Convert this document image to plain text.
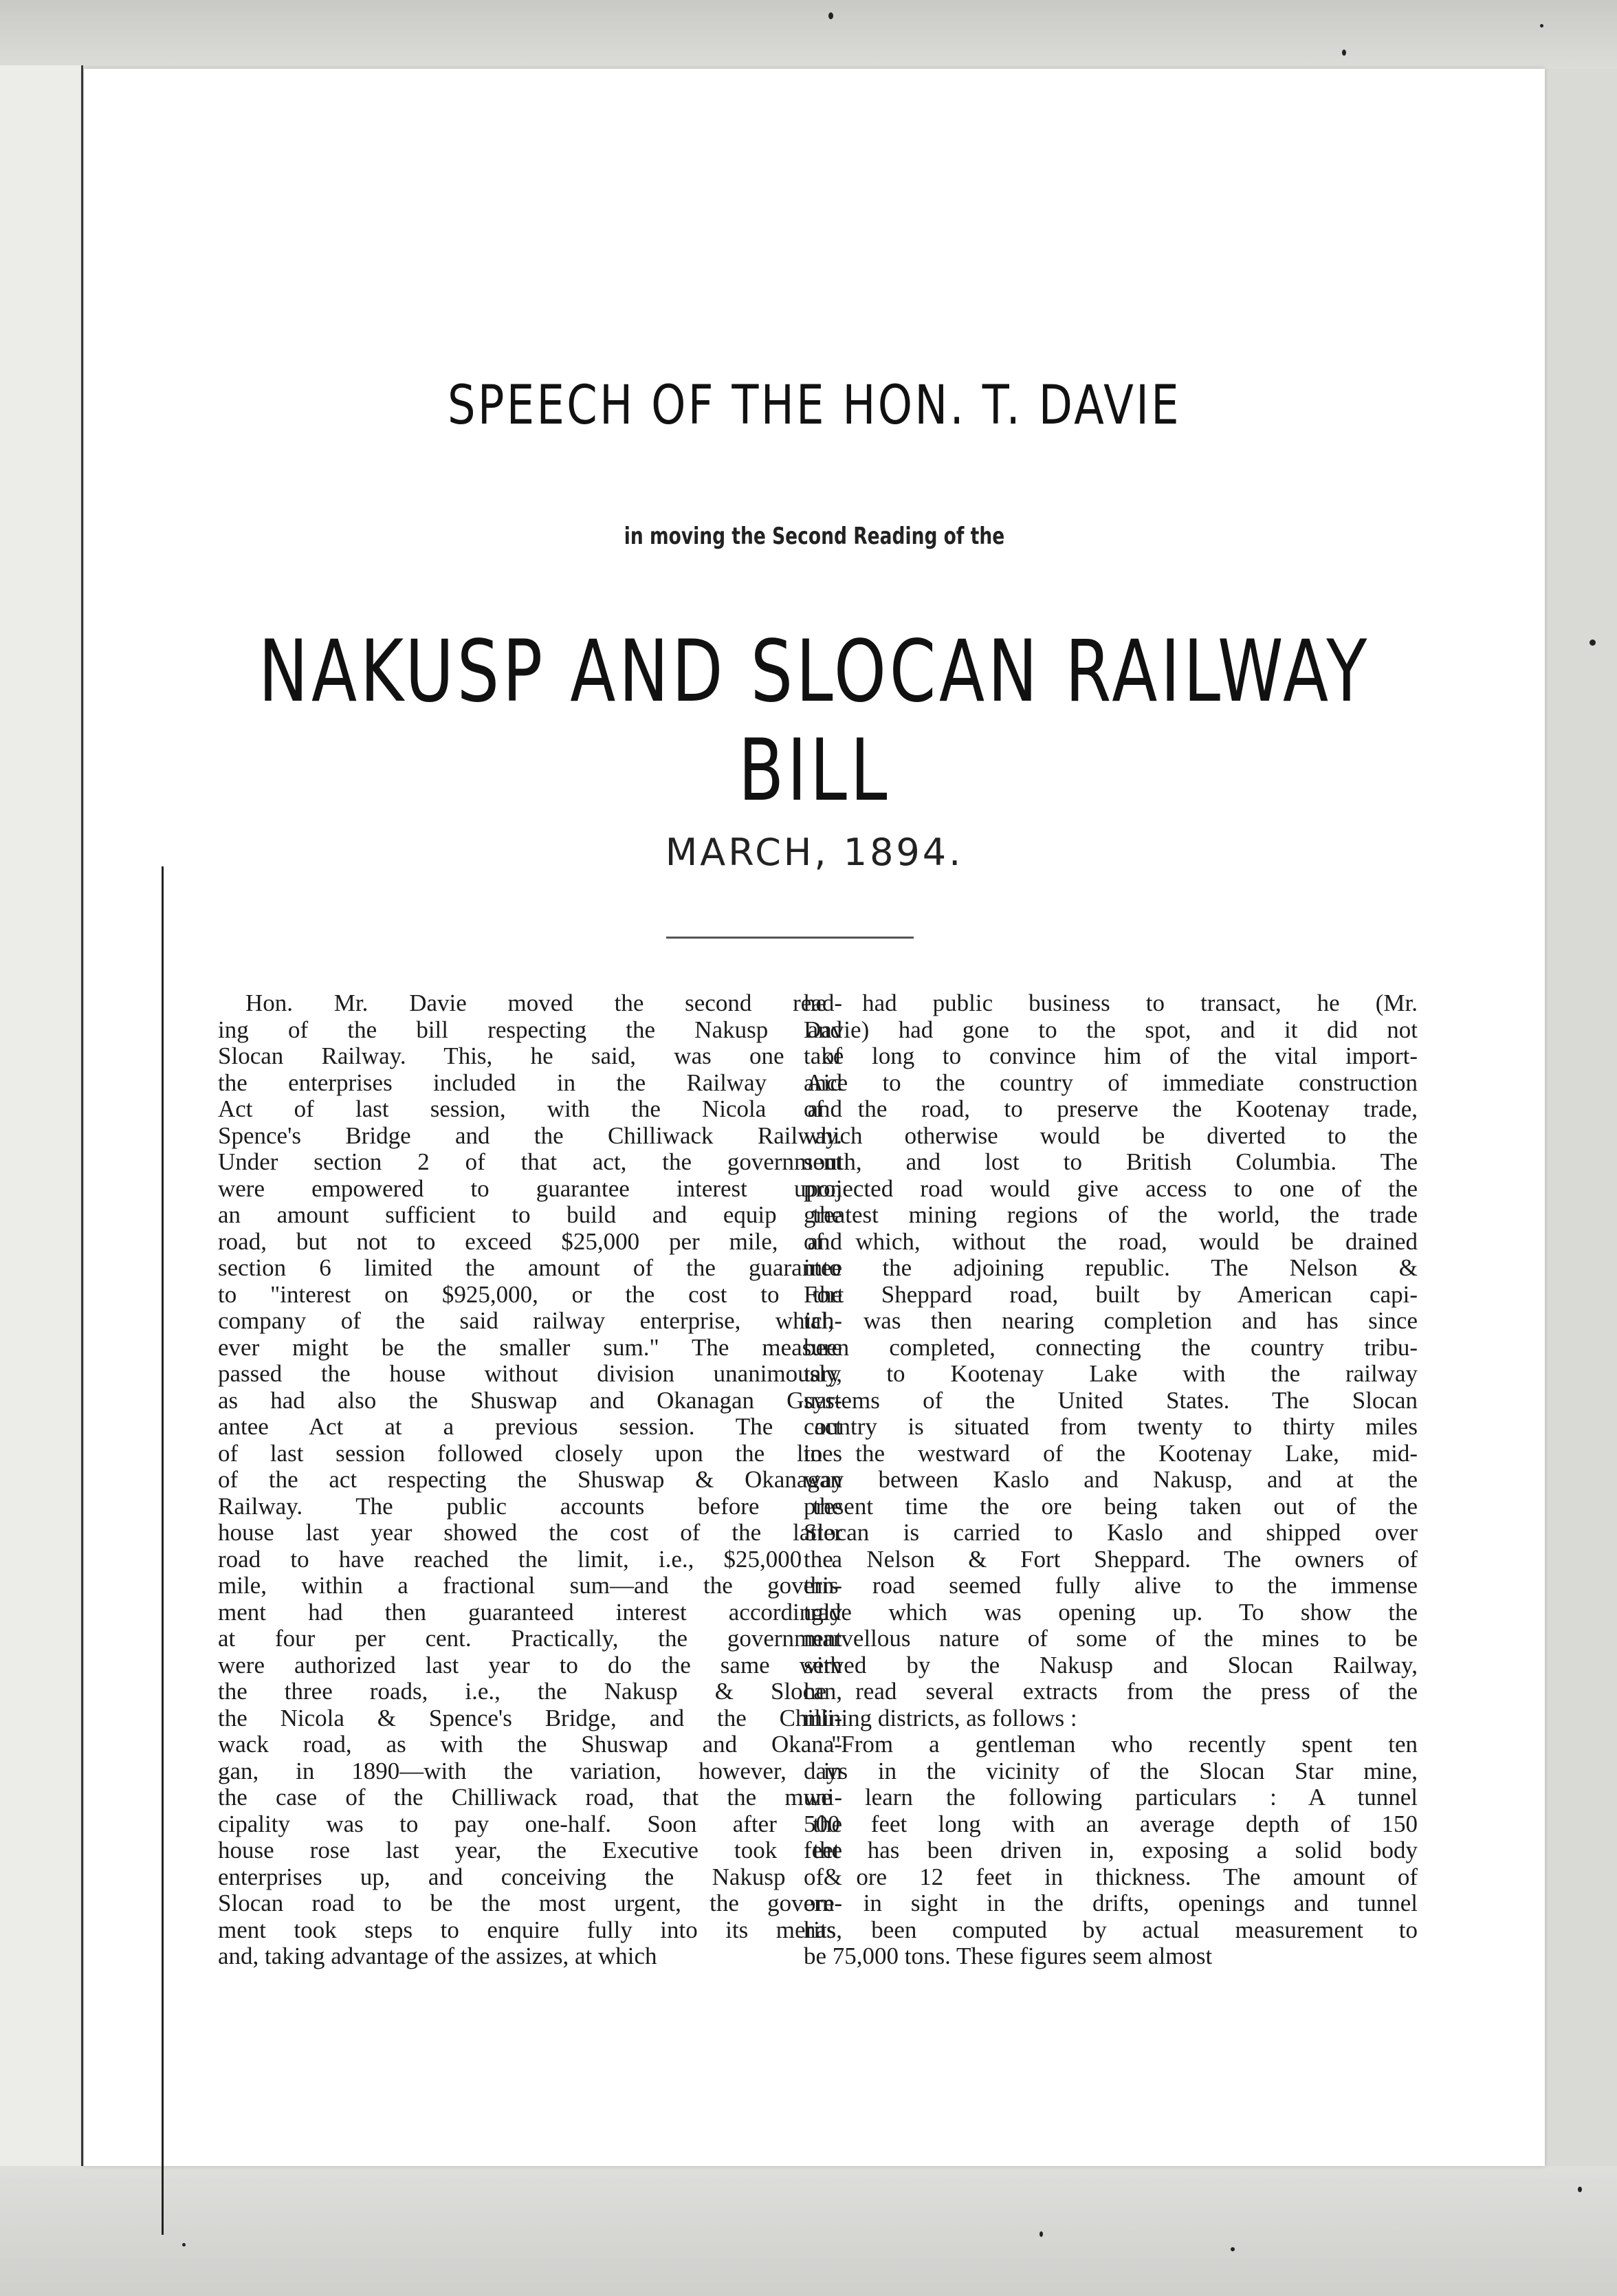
SPEECH OF THE HON. T. DAVIE
in moving the Second Reading of the
NAKUSP AND SLOCAN RAILWAY BILL
MARCH, 1894.
Hon. Mr. Davie moved the second read-
ing of the bill respecting the Nakusp and
Slocan Railway. This, he said, was one of
the enterprises included in the Railway Aid
Act of last session, with the Nicola and
Spence's Bridge and the Chilliwack Railway.
Under section 2 of that act, the government
were empowered to guarantee interest upon
an amount sufficient to build and equip the
road, but not to exceed $25,000 per mile, and
section 6 limited the amount of the guarantee
to "interest on $925,000, or the cost to the
company of the said railway enterprise, which-
ever might be the smaller sum." The measure
passed the house without division unanimously,
as had also the Shuswap and Okanagan Guar-
antee Act at a previous session. The act
of last session followed closely upon the lines
of the act respecting the Shuswap & Okanagan
Railway. The public accounts before the
house last year showed the cost of the latter
road to have reached the limit, i.e., $25,000 a
mile, within a fractional sum—and the govern-
ment had then guaranteed interest accordingly
at four per cent. Practically, the government
were authorized last year to do the same with
the three roads, i.e., the Nakusp & Slocan,
the Nicola & Spence's Bridge, and the Chilli-
wack road, as with the Shuswap and Okana-
gan, in 1890—with the variation, however, in
the case of the Chilliwack road, that the muni-
cipality was to pay one-half. Soon after the
house rose last year, the Executive took the
enterprises up, and conceiving the Nakusp &
Slocan road to be the most urgent, the govern-
ment took steps to enquire fully into its merits,
and, taking advantage of the assizes, at which
he had public business to transact, he (Mr.
Davie) had gone to the spot, and it did not
take long to convince him of the vital import-
ance to the country of immediate construction
of the road, to preserve the Kootenay trade,
which otherwise would be diverted to the
south, and lost to British Columbia. The
projected road would give access to one of the
greatest mining regions of the world, the trade
of which, without the road, would be drained
into the adjoining republic. The Nelson &
Fort Sheppard road, built by American capi-
tal, was then nearing completion and has since
been completed, connecting the country tribu-
tary to Kootenay Lake with the railway
systems of the United States. The Slocan
country is situated from twenty to thirty miles
to the westward of the Kootenay Lake, mid-
way between Kaslo and Nakusp, and at the
present time the ore being taken out of the
Slocan is carried to Kaslo and shipped over
the Nelson & Fort Sheppard. The owners of
this road seemed fully alive to the immense
trade which was opening up. To show the
marvellous nature of some of the mines to be
served by the Nakusp and Slocan Railway,
he read several extracts from the press of the
mining districts, as follows :
"From a gentleman who recently spent ten
days in the vicinity of the Slocan Star mine,
we learn the following particulars : A tunnel
500 feet long with an average depth of 150
feet has been driven in, exposing a solid body
of ore 12 feet in thickness. The amount of
ore in sight in the drifts, openings and tunnel
has been computed by actual measurement to
be 75,000 tons. These figures seem almost
